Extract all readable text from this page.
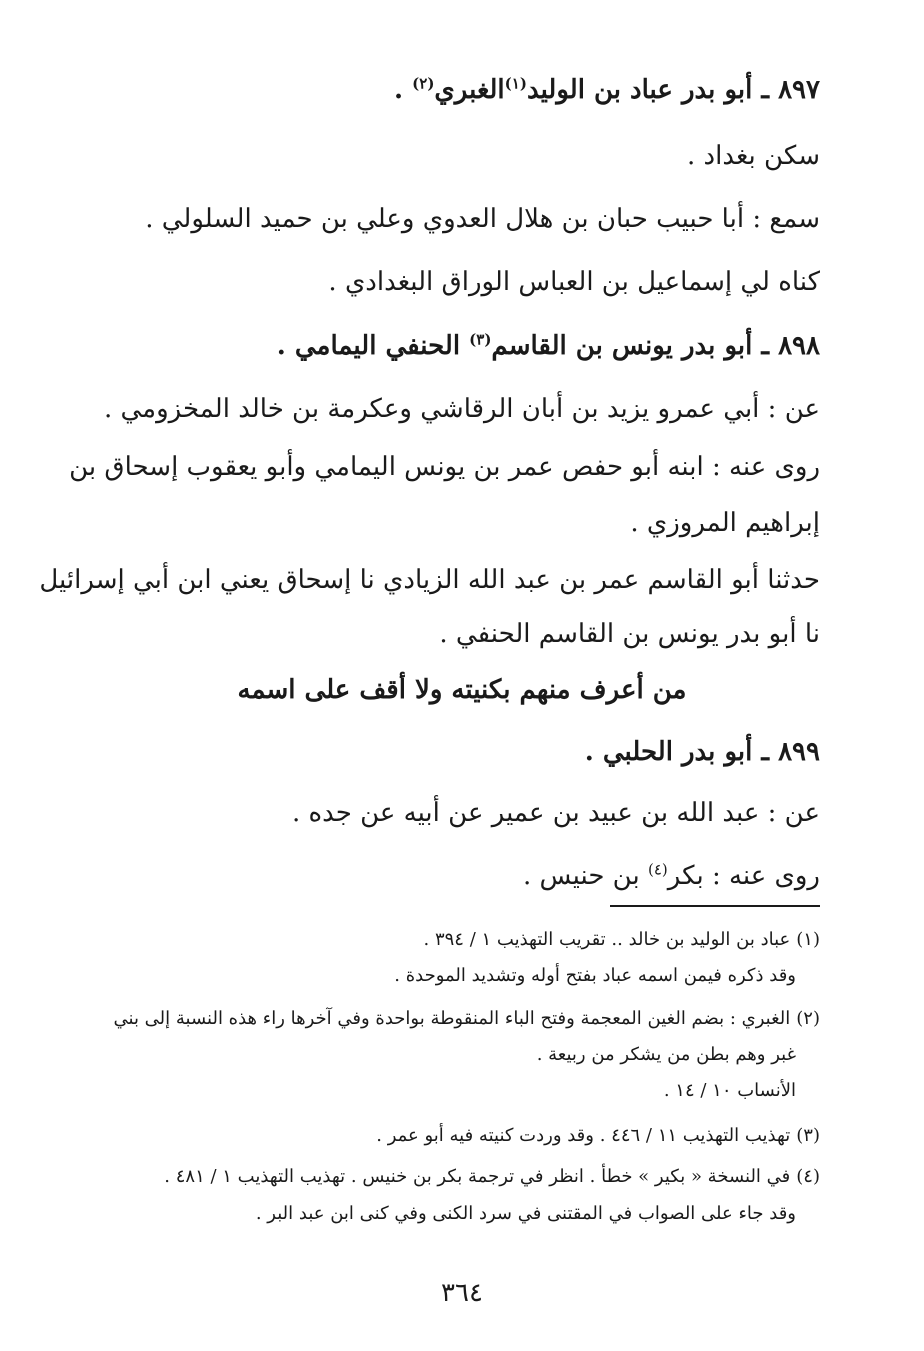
٨٩٧ ـ أبو بدر عباد بن الوليد$^{(١)}$الغبري$^{(٢)}$ .

سكن بغداد .

سمع : أبا حبيب حبان بن هلال العدوي وعلي بن حميد السلولي .

كناه لي إسماعيل بن العباس الوراق البغدادي .

٨٩٨ ـ أبو بدر يونس بن القاسم$^{(٣)}$ الحنفي اليمامي .

عن : أبي عمرو يزيد بن أبان الرقاشي وعكرمة بن خالد المخزومي .

روى عنه : ابنه أبو حفص عمر بن يونس اليمامي وأبو يعقوب إسحاق بن

إبراهيم المروزي .

حدثنا أبو القاسم عمر بن عبد الله الزيادي نا إسحاق يعني ابن أبي إسرائيل

نا أبو بدر يونس بن القاسم الحنفي .

من أعرف منهم بكنيته ولا أقف على اسمه

٨٩٩ ـ أبو بدر الحلبي .

عن : عبد الله بن عبيد بن عمير عن أبيه عن جده .

روى عنه : بكر$^{(٤)}$ بن حنيس .

(١)عباد بن الوليد بن خالد .. تقريب التهذيب ١ / ٣٩٤ .

وقد ذكره فيمن اسمه عباد بفتح أوله وتشديد الموحدة .

(٢)الغبري : بضم الغين المعجمة وفتح الباء المنقوطة بواحدة وفي آخرها راء هذه النسبة إلى بني

غبر وهم بطن من يشكر من ربيعة .

الأنساب ١٠ / ١٤ .

(٣)تهذيب التهذيب ١١ / ٤٤٦ . وقد وردت كنيته فيه أبو عمر .

(٤)في النسخة « بكير » خطأ . انظر في ترجمة بكر بن خنيس . تهذيب التهذيب ١ / ٤٨١ .

وقد جاء على الصواب في المقتنى في سرد الكنى وفي كنى ابن عبد البر .

٣٦٤
